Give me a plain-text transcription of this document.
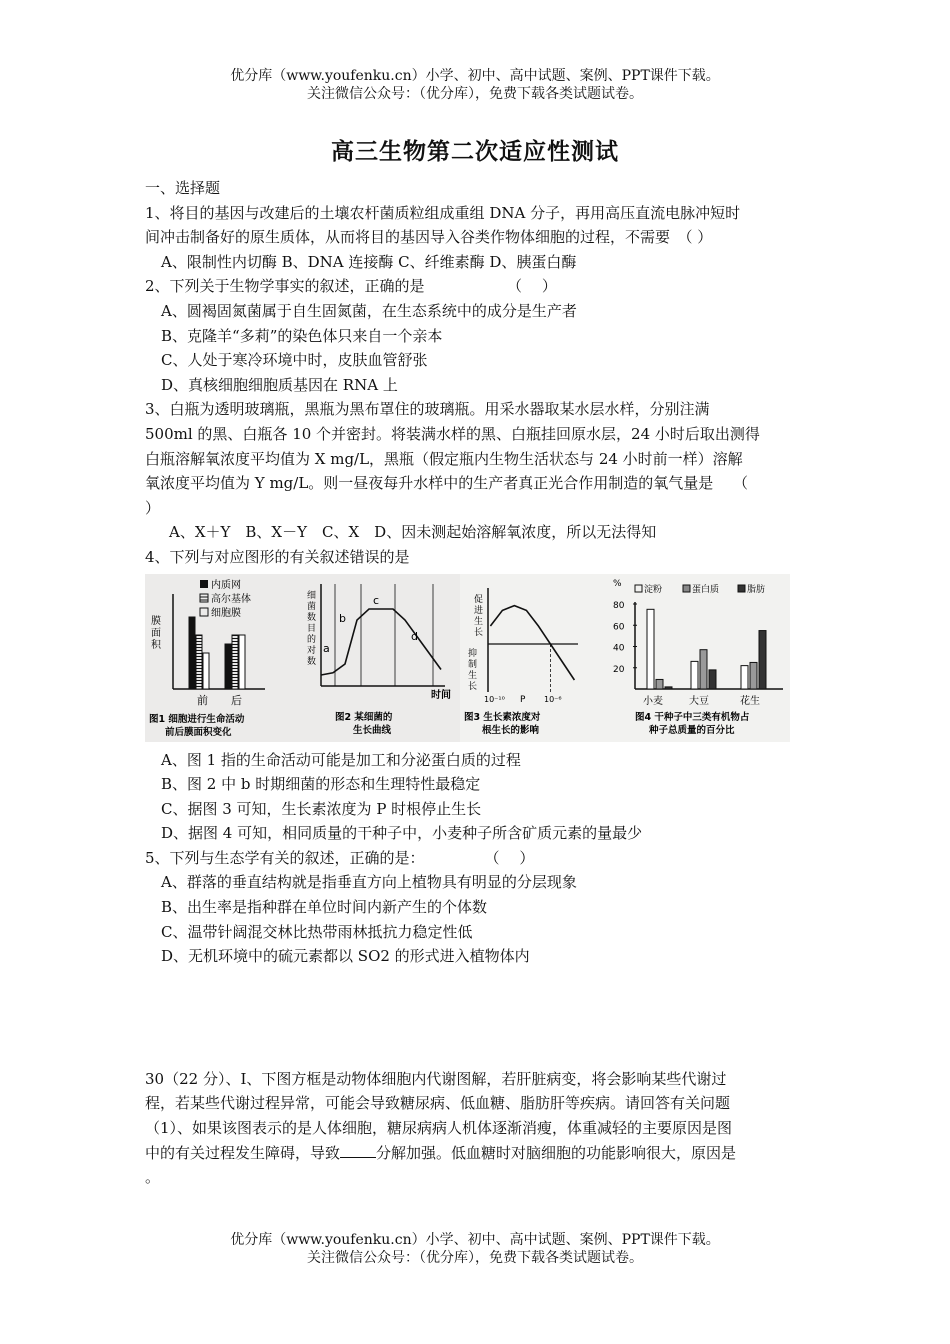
优分库（www.youfenku.cn）小学、初中、高中试题、案例、PPT课件下载。
关注微信公众号：（优分库），免费下载各类试题试卷。
高三生物第二次适应性测试

一、选择题

1、将目的基因与改建后的土壤农杆菌质粒组成重组 DNA 分子，再用高压直流电脉冲短时

间冲击制备好的原生质体，从而将目的基因导入谷类作物体细胞的过程，不需要　（ ）

A、限制性内切酶 B、DNA 连接酶 C、纤维素酶 D、胰蛋白酶

2、下列关于生物学事实的叙述，正确的是　　　　　　（　 ）

A、圆褐固氮菌属于自生固氮菌，在生态系统中的成分是生产者

B、克隆羊“多莉”的染色体只来自一个亲本

C、人处于寒冷环境中时，皮肤血管舒张

D、真核细胞细胞质基因在 RNA 上

3、白瓶为透明玻璃瓶，黑瓶为黑布罩住的玻璃瓶。用采水器取某水层水样，分别注满

500ml 的黑、白瓶各 10 个并密封。将装满水样的黑、白瓶挂回原水层，24 小时后取出测得

白瓶溶解氧浓度平均值为 X mg/L，黑瓶（假定瓶内生物生活状态与 24 小时前一样）溶解

氧浓度平均值为 Y mg/L。则一昼夜每升水样中的生产者真正光合作用制造的氧气量是　 （

）

A、X＋Y　B、X－Y　C、X　D、因未测起始溶解氧浓度，所以无法得知

4、下列与对应图形的有关叙述错误的是

内质网
高尔基体
细胞膜
膜
面
积
前 后
图1 细胞进行生命活动
前后膜面积变化
细
菌
数
目
的
对
数
a
b
c
d
时间
图2 某细菌的
生长曲线
促
进
生
长
抑
制
生
长
10⁻¹⁰ P 10⁻⁶
图3 生长素浓度对
根生长的影响
%
淀粉	蛋白质	脂肪
80
60
40
20
小麦	大豆	花生
图4 干种子中三类有机物占
种子总质量的百分比

A、图 1 指的生命活动可能是加工和分泌蛋白质的过程

B、图 2 中 b 时期细菌的形态和生理特性最稳定

C、据图 3 可知，生长素浓度为 P 时根停止生长

D、据图 4 可知，相同质量的干种子中，小麦种子所含矿质元素的量最少

5、下列与生态学有关的叙述，正确的是：　　　　　（　 ）

A、群落的垂直结构就是指垂直方向上植物具有明显的分层现象

B、出生率是指种群在单位时间内新产生的个体数

C、温带针阔混交林比热带雨林抵抗力稳定性低

D、无机环境中的硫元素都以 SO2 的形式进入植物体内

30（22 分）、Ⅰ、下图方框是动物体细胞内代谢图解，若肝脏病变，将会影响某些代谢过

程，若某些代谢过程异常，可能会导致糖尿病、低血糖、脂肪肝等疾病。请回答有关问题

（1）、如果该图表示的是人体细胞，糖尿病病人机体逐渐消瘦，体重减轻的主要原因是图

中的有关过程发生障碍，导致 分解加强。低血糖时对脑细胞的功能影响很大，原因是

。

优分库（www.youfenku.cn）小学、初中、高中试题、案例、PPT课件下载。
关注微信公众号：（优分库），免费下载各类试题试卷。
